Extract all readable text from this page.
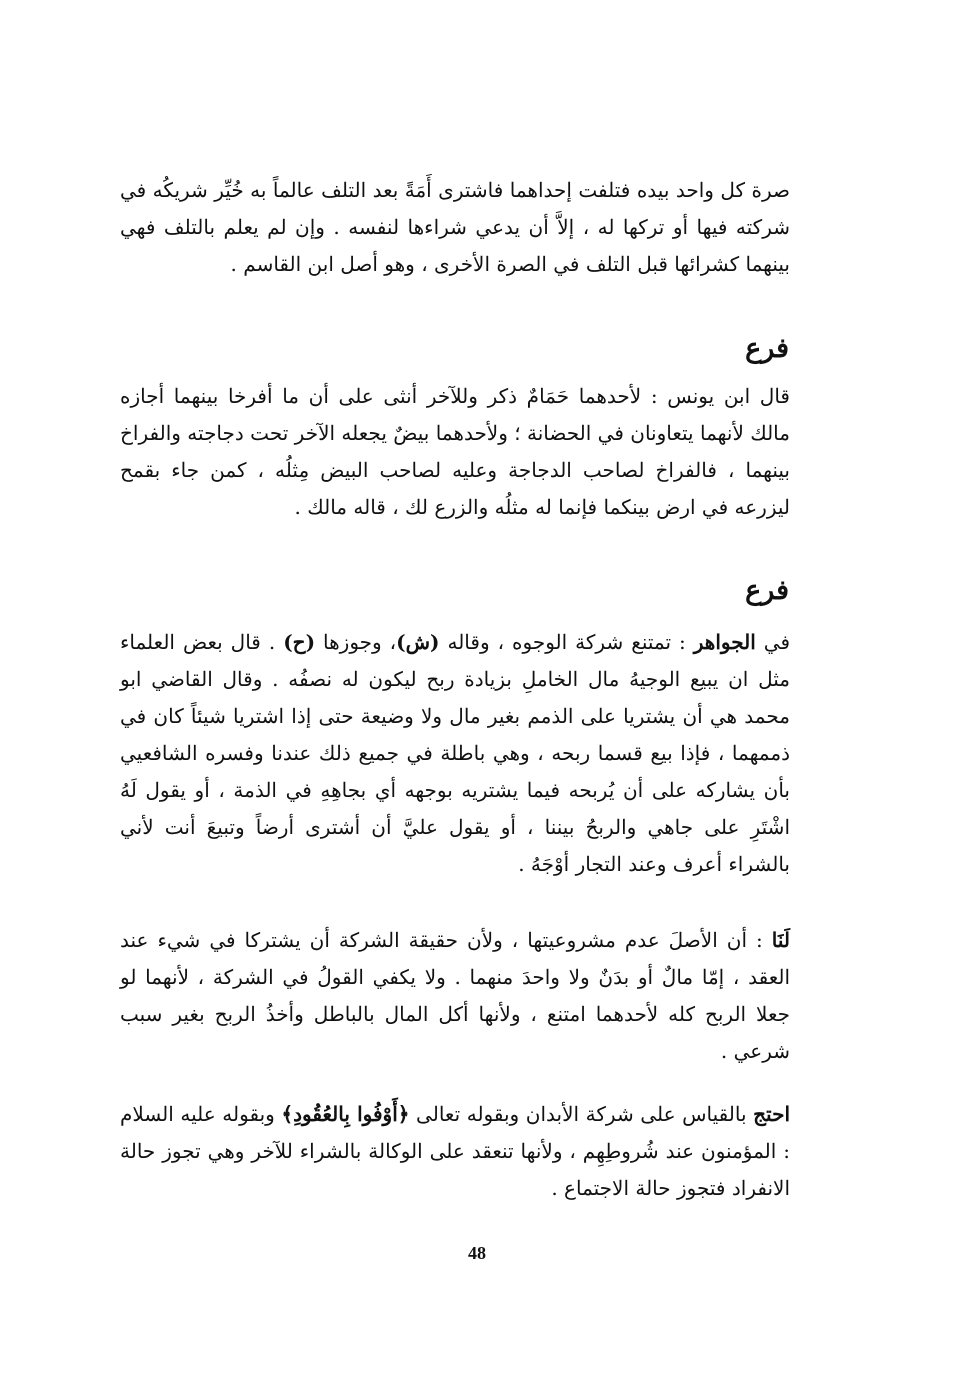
صرة كل واحد بيده فتلفت إحداهما فاشترى أَمَةً بعد التلف عالماً به خُيِّر شريكُه في شركته فيها أو تركها له ، إلاَّ أن يدعي شراءها لنفسه . وإن لم يعلم بالتلف فهي بينهما كشرائها قبل التلف في الصرة الأخرى ، وهو أصل ابن القاسم .

فرع

قال ابن يونس : لأحدهما حَمَامٌ ذكر وللآخر أنثى على أن ما أفرخا بينهما أجازه مالك لأنهما يتعاونان في الحضانة ؛ ولأحدهما بيضٌ يجعله الآخر تحت دجاجته والفراخ بينهما ، فالفراخ لصاحب الدجاجة وعليه لصاحب البيض مِثلُه ، كمن جاء بقمح ليزرعه في ارض بينكما فإنما له مثلُه والزرع لك ، قاله مالك .

فرع

في الجواهر : تمتنع شركة الوجوه ، وقاله (ش)، وجوزها (ح) . قال بعض العلماء مثل ان يبيع الوجيهُ مال الخاملِ بزيادة ربح ليكون له نصفُه . وقال القاضي ابو محمد هي أن يشتريا على الذمم بغير مال ولا وضيعة حتى إذا اشتريا شيئاً كان في ذممهما ، فإذا بيع قسما ربحه ، وهي باطلة في جميع ذلك عندنا وفسره الشافعيي بأن يشاركه على أن يُربحه فيما يشتريه بوجهه أي بجاهِهِ في الذمة ، أو يقول لَهُ اشْتَرِ على جاهي والربحُ بيننا ، أو يقول عليَّ أن أشترى أرضاً وتبيعَ أنت لأني بالشراء أعرف وعند التجار أوْجَهُ .

لَنَا : أن الأصلَ عدم مشروعيتها ، ولأن حقيقة الشركة أن يشتركا في شيء عند العقد ، إمّا مالٌ أو بدَنٌ ولا واحدَ منهما . ولا يكفي القولُ في الشركة ، لأنهما لو جعلا الربح كله لأحدهما امتنع ، ولأنها أكل المال بالباطل وأخذُ الربح بغير سبب شرعي .

احتج بالقياس على شركة الأبدان وبقوله تعالى ﴿أَوْفُوا بِالعُقُودِ﴾ وبقوله عليه السلام : المؤمنون عند شُروطِهِم ، ولأنها تنعقد على الوكالة بالشراء للآخر وهي تجوز حالة الانفراد فتجوز حالة الاجتماع .

48
